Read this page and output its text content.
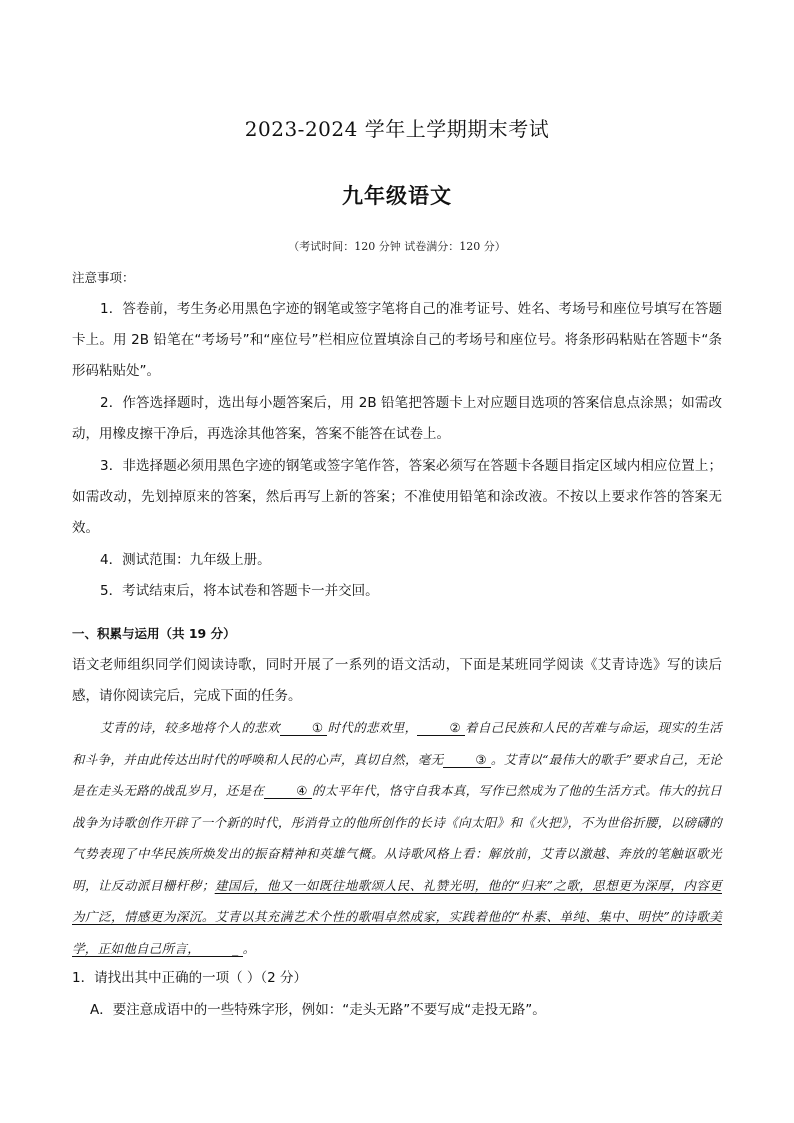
2023-2024 学年上学期期末考试
九年级语文
（考试时间：120 分钟 试卷满分：120 分）
注意事项：
1．答卷前，考生务必用黑色字迹的钢笔或签字笔将自己的准考证号、姓名、考场号和座位号填写在答题卡上。用 2B 铅笔在“考场号”和“座位号”栏相应位置填涂自己的考场号和座位号。将条形码粘贴在答题卡“条形码粘贴处”。
2．作答选择题时，选出每小题答案后，用 2B 铅笔把答题卡上对应题目选项的答案信息点涂黑；如需改动，用橡皮擦干净后，再选涂其他答案，答案不能答在试卷上。
3．非选择题必须用黑色字迹的钢笔或签字笔作答，答案必须写在答题卡各题目指定区域内相应位置上；如需改动，先划掉原来的答案，然后再写上新的答案；不准使用铅笔和涂改液。不按以上要求作答的答案无效。
4．测试范围：九年级上册。
5．考试结束后，将本试卷和答题卡一并交回。
一、积累与运用（共 19 分）
语文老师组织同学们阅读诗歌，同时开展了一系列的语文活动，下面是某班同学阅读《艾青诗选》写的读后感，请你阅读完后，完成下面的任务。
艾青的诗，较多地将个人的悲欢	① 时代的悲欢里，	② 着自己民族和人民的苦难与命运，现实的生活和斗争，并由此传达出时代的呼唤和人民的心声，真切自然，毫无	③ 。艾青以“最伟大的歌手”要求自己，无论是在走头无路的战乱岁月，还是在	④ 的太平年代，恪守自我本真，写作已然成为了他的生活方式。伟大的抗日战争为诗歌创作开辟了一个新的时代，彤消骨立的他所创作的长诗《向太阳》和《火把》，不为世俗折腰，以磅礴的气势表现了中华民族所焕发出的振奋精神和英雄气概。从诗歌风格上看：解放前，艾青以激越、奔放的笔触讴歌光明，让反动派目栅杆秽；建国后，他又一如既往地歌颂人民、礼赞光明，他的“归来”之歌，思想更为深厚，内容更为广泛，情感更为深沉。艾青以其充满艺术个性的歌唱卓然成家，实践着他的“朴素、单纯、集中、明快”的诗歌美学，正如他自己所言，	_ 。
1．请找出其中正确的一项（ ）（2 分）
A．要注意成语中的一些特殊字形，例如：“走头无路”不要写成“走投无路”。
